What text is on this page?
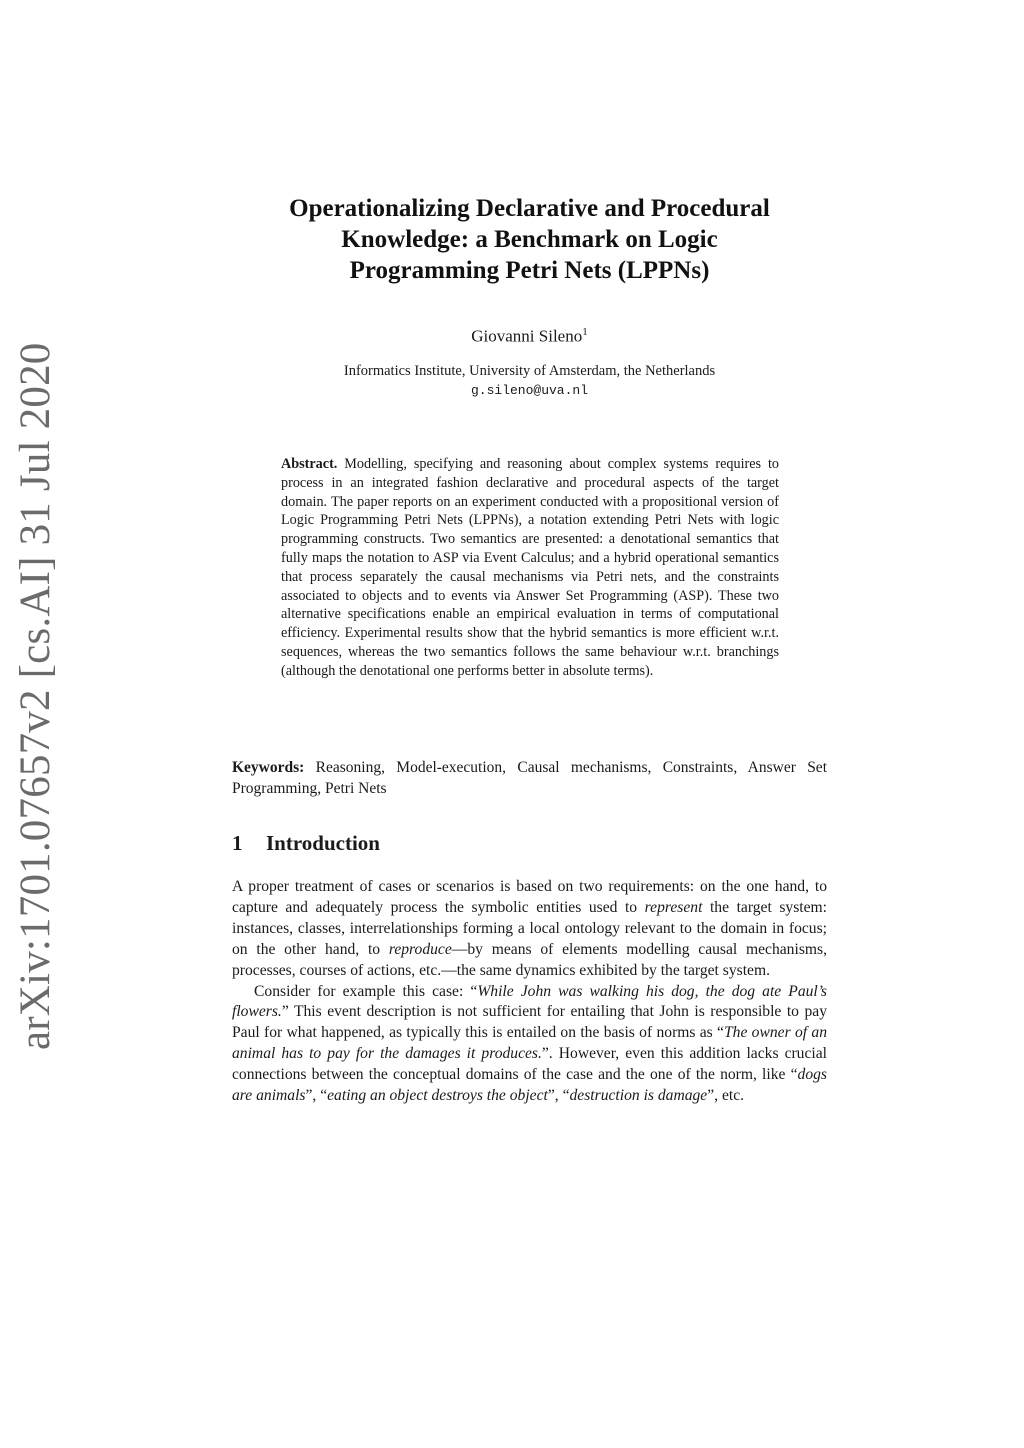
arXiv:1701.07657v2 [cs.AI] 31 Jul 2020
Operationalizing Declarative and Procedural
Knowledge: a Benchmark on Logic
Programming Petri Nets (LPPNs)
Giovanni Sileno$^1$
Informatics Institute, University of Amsterdam, the Netherlands
g.sileno@uva.nl
Abstract. Modelling, specifying and reasoning about complex systems requires to process in an integrated fashion declarative and procedural aspects of the target domain. The paper reports on an experiment conducted with a propositional version of Logic Programming Petri Nets (LPPNs), a notation extending Petri Nets with logic programming constructs. Two semantics are presented: a denotational semantics that fully maps the notation to ASP via Event Calculus; and a hybrid operational semantics that process separately the causal mechanisms via Petri nets, and the constraints associated to objects and to events via Answer Set Programming (ASP). These two alternative specifications enable an empirical evaluation in terms of computational efficiency. Experimental results show that the hybrid semantics is more efficient w.r.t. sequences, whereas the two semantics follows the same behaviour w.r.t. branchings (although the denotational one performs better in absolute terms).
Keywords: Reasoning, Model-execution, Causal mechanisms, Constraints, Answer Set Programming, Petri Nets
1 Introduction

A proper treatment of cases or scenarios is based on two requirements: on the one hand, to capture and adequately process the symbolic entities used to represent the target system: instances, classes, interrelationships forming a local ontology relevant to the domain in focus; on the other hand, to reproduce—by means of elements modelling causal mechanisms, processes, courses of actions, etc.—the same dynamics exhibited by the target system.

Consider for example this case: “While John was walking his dog, the dog ate Paul’s flowers.” This event description is not sufficient for entailing that John is responsible to pay Paul for what happened, as typically this is entailed on the basis of norms as “The owner of an animal has to pay for the damages it produces.”. However, even this addition lacks crucial connections between the conceptual domains of the case and the one of the norm, like “dogs are animals”, “eating an object destroys the object”, “destruction is damage”, etc.
